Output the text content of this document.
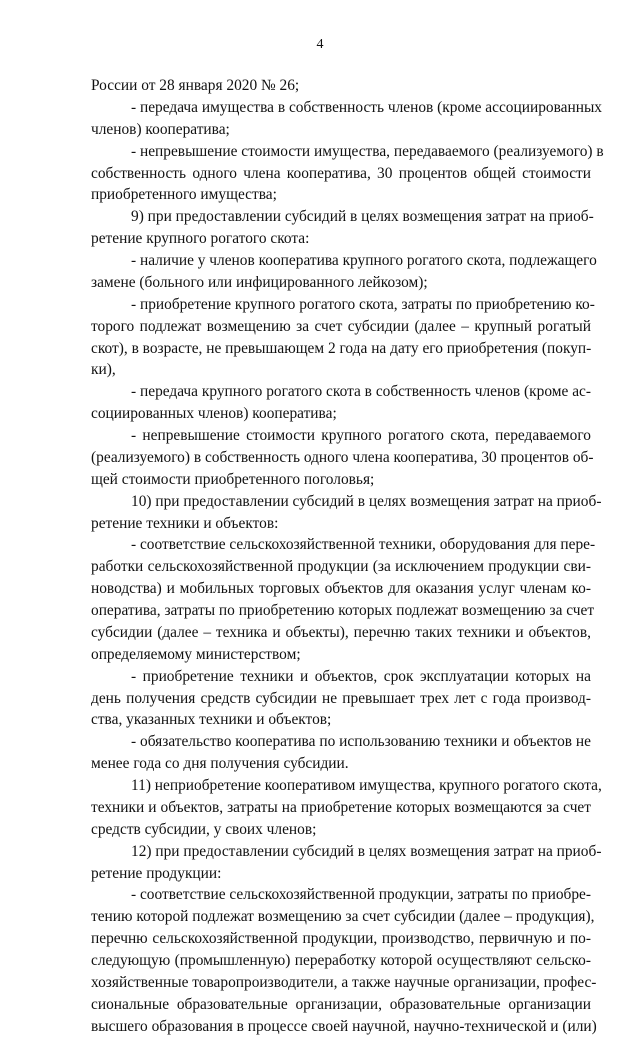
4
России от 28 января 2020 № 26;
- передача имущества в собственность членов (кроме ассоциированных
членов) кооператива;
- непревышение стоимости имущества, передаваемого (реализуемого) в
собственность одного члена кооператива, 30 процентов общей стоимости
приобретенного имущества;
9) при предоставлении субсидий в целях возмещения затрат на приоб-
ретение крупного рогатого скота:
- наличие у членов кооператива крупного рогатого скота, подлежащего
замене (больного или инфицированного лейкозом);
- приобретение крупного рогатого скота, затраты по приобретению ко-
торого подлежат возмещению за счет субсидии (далее – крупный рогатый
скот), в возрасте, не превышающем 2 года на дату его приобретения (покуп-
ки),
- передача крупного рогатого скота в собственность членов (кроме ас-
социированных членов) кооператива;
- непревышение стоимости крупного рогатого скота, передаваемого
(реализуемого) в собственность одного члена кооператива, 30 процентов об-
щей стоимости приобретенного поголовья;
10) при предоставлении субсидий в целях возмещения затрат на приоб-
ретение техники и объектов:
- соответствие сельскохозяйственной техники, оборудования для пере-
работки сельскохозяйственной продукции (за исключением продукции сви-
новодства) и мобильных торговых объектов для оказания услуг членам ко-
оператива, затраты по приобретению которых подлежат возмещению за счет
субсидии (далее – техника и объекты), перечню таких техники и объектов,
определяемому министерством;
- приобретение техники и объектов, срок эксплуатации которых на
день получения средств субсидии не превышает трех лет с года производ-
ства, указанных техники и объектов;
- обязательство кооператива по использованию техники и объектов не
менее года со дня получения субсидии.
11) неприобретение кооперативом имущества, крупного рогатого скота,
техники и объектов, затраты на приобретение которых возмещаются за счет
средств субсидии, у своих членов;
12) при предоставлении субсидий в целях возмещения затрат на приоб-
ретение продукции:
- соответствие сельскохозяйственной продукции, затраты по приобре-
тению которой подлежат возмещению за счет субсидии (далее – продукция),
перечню сельскохозяйственной продукции, производство, первичную и по-
следующую (промышленную) переработку которой осуществляют сельско-
хозяйственные товаропроизводители, а также научные организации, профес-
сиональные образовательные организации, образовательные организации
высшего образования в процессе своей научной, научно-технической и (или)
